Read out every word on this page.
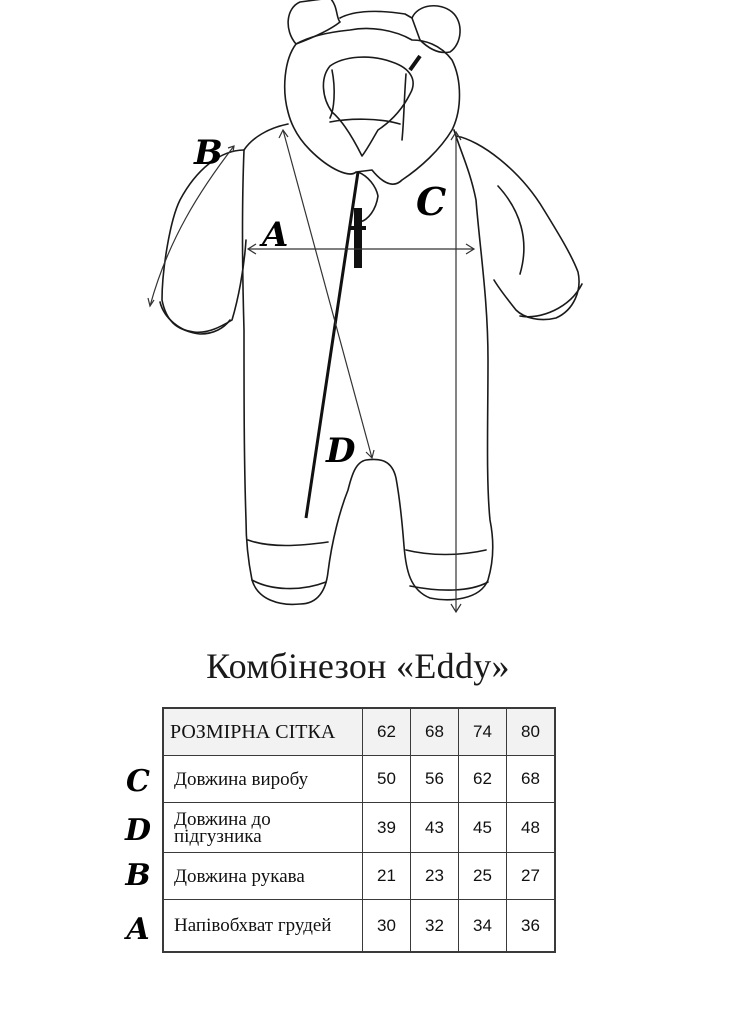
B
A
C
D
Комбінезон «Eddy»
C
D
B
A
РОЗМІРНА СІТКА	62	68	74	80
Довжина виробу	50	56	62	68
Довжина до підгузника	39	43	45	48
Довжина рукава	21	23	25	27
Напівобхват грудей	30	32	34	36
